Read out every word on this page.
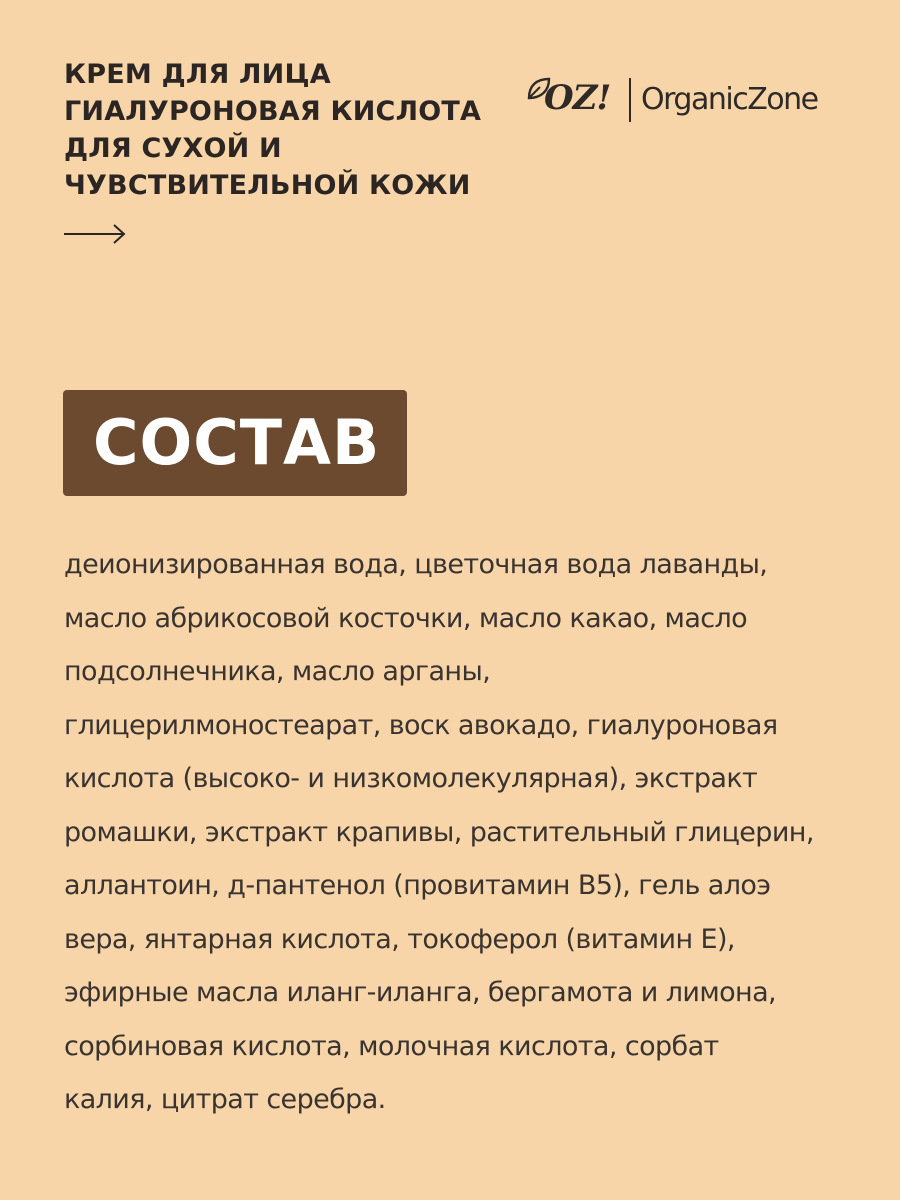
КРЕМ ДЛЯ ЛИЦА
ГИАЛУРОНОВАЯ КИСЛОТА
ДЛЯ СУХОЙ И
ЧУВСТВИТЕЛЬНОЙ КОЖИ
OZ! OrganicZone
СОСТАВ

деионизированная вода, цветочная вода лаванды,
масло абрикосовой косточки, масло какао, масло
подсолнечника, масло арганы,
глицерилмоностеарат, воск авокадо, гиалуроновая
кислота (высоко- и низкомолекулярная), экстракт
ромашки, экстракт крапивы, растительный глицерин,
аллантоин, д-пантенол (провитамин B5), гель алоэ
вера, янтарная кислота, токоферол (витамин Е),
эфирные масла иланг-иланга, бергамота и лимона,
сорбиновая кислота, молочная кислота, сорбат
калия, цитрат серебра.
